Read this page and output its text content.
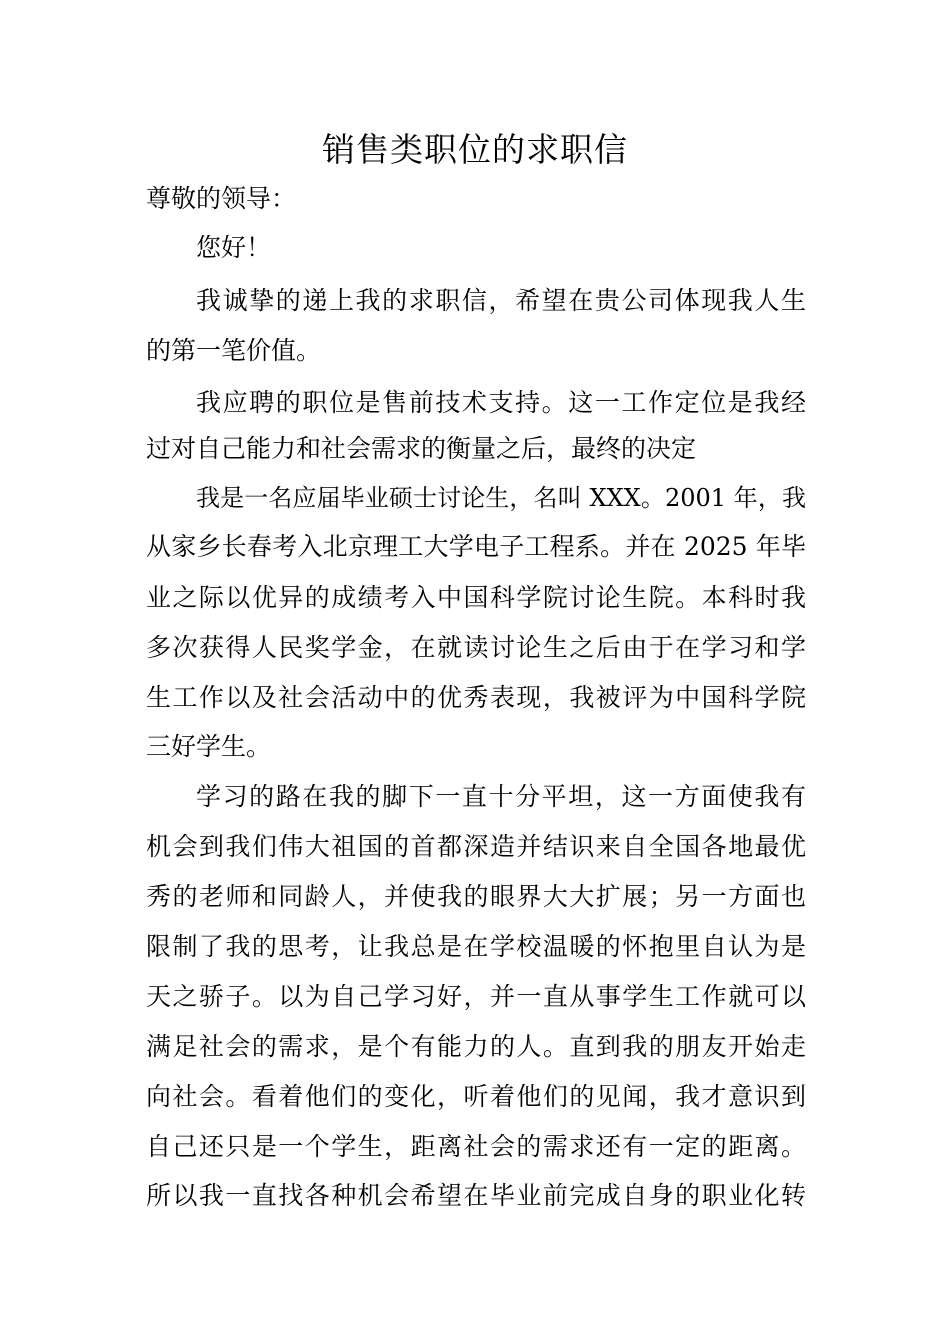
销售类职位的求职信
尊敬的领导：
您好！
我诚挚的递上我的求职信，希望在贵公司体现我人生
的第一笔价值。
我应聘的职位是售前技术支持。这一工作定位是我经
过对自己能力和社会需求的衡量之后，最终的决定
我是一名应届毕业硕士讨论生，名叫 XXX。2001 年，我
从家乡长春考入北京理工大学电子工程系。并在 2025 年毕
业之际以优异的成绩考入中国科学院讨论生院。本科时我
多次获得人民奖学金，在就读讨论生之后由于在学习和学
生工作以及社会活动中的优秀表现，我被评为中国科学院
三好学生。
学习的路在我的脚下一直十分平坦，这一方面使我有
机会到我们伟大祖国的首都深造并结识来自全国各地最优
秀的老师和同龄人，并使我的眼界大大扩展；另一方面也
限制了我的思考，让我总是在学校温暖的怀抱里自认为是
天之骄子。以为自己学习好，并一直从事学生工作就可以
满足社会的需求，是个有能力的人。直到我的朋友开始走
向社会。看着他们的变化，听着他们的见闻，我才意识到
自己还只是一个学生，距离社会的需求还有一定的距离。
所以我一直找各种机会希望在毕业前完成自身的职业化转
